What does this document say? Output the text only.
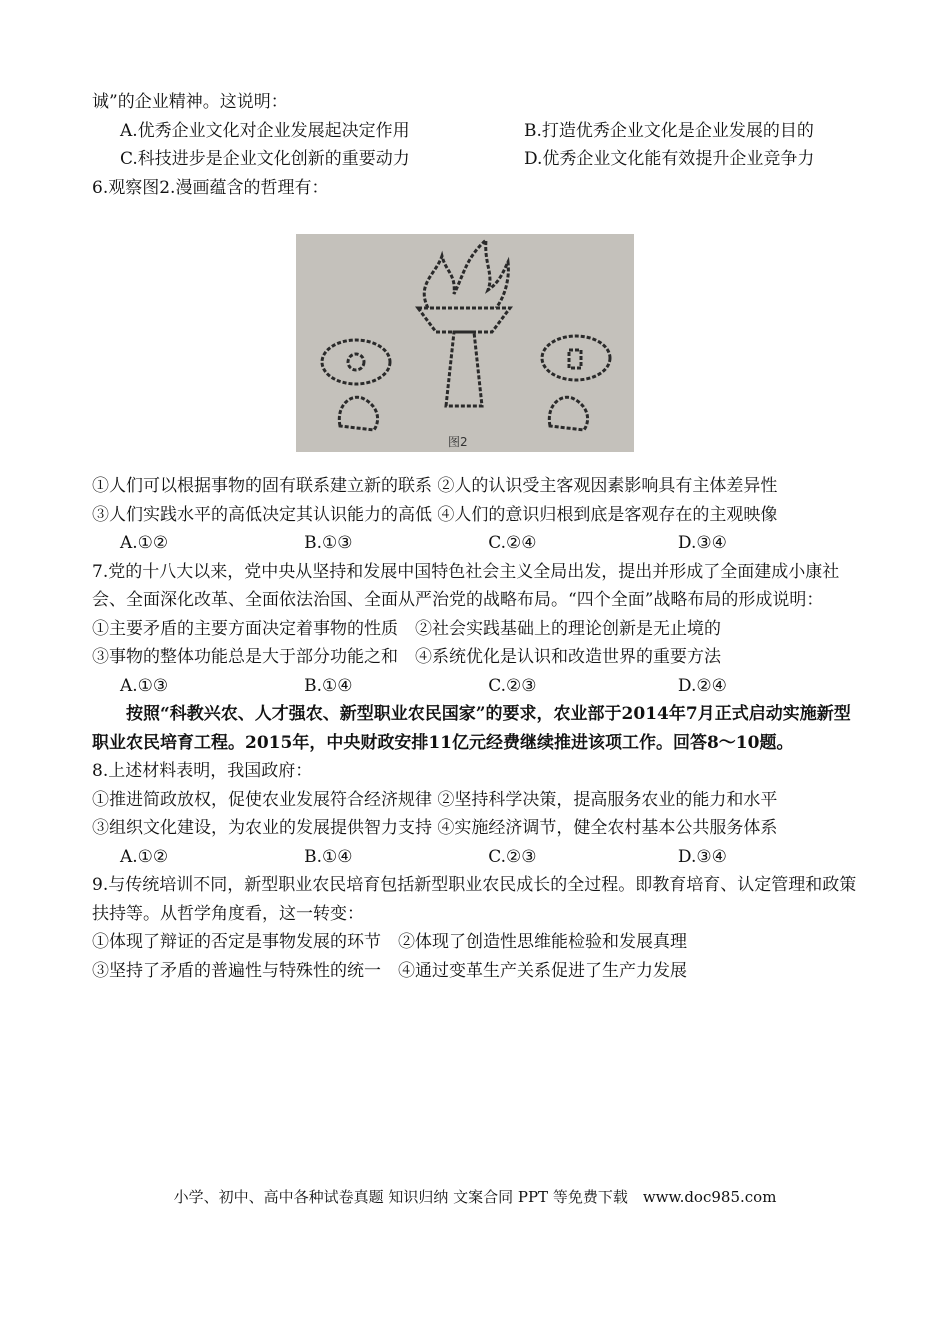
诚”的企业精神。这说明：
A.优秀企业文化对企业发展起决定作用	B.打造优秀企业文化是企业发展的目的
C.科技进步是企业文化创新的重要动力	D.优秀企业文化能有效提升企业竞争力
6.观察图2.漫画蕴含的哲理有：
图2
①人们可以根据事物的固有联系建立新的联系 ②人的认识受主客观因素影响具有主体差异性
③人们实践水平的高低决定其认识能力的高低 ④人们的意识归根到底是客观存在的主观映像
A.①②	B.①③	C.②④	D.③④
7.党的十八大以来，党中央从坚持和发展中国特色社会主义全局出发，提出并形成了全面建成小康社会、全面深化改革、全面依法治国、全面从严治党的战略布局。“四个全面”战略布局的形成说明：
①主要矛盾的主要方面决定着事物的性质　②社会实践基础上的理论创新是无止境的
③事物的整体功能总是大于部分功能之和　④系统优化是认识和改造世界的重要方法
A.①③	B.①④	C.②③	D.②④
按照“科教兴农、人才强农、新型职业农民国家”的要求，农业部于2014年7月正式启动实施新型职业农民培育工程。2015年，中央财政安排11亿元经费继续推进该项工作。回答8～10题。
8.上述材料表明，我国政府：
①推进简政放权，促使农业发展符合经济规律 ②坚持科学决策，提高服务农业的能力和水平
③组织文化建设，为农业的发展提供智力支持 ④实施经济调节，健全农村基本公共服务体系
A.①②	B.①④	C.②③	D.③④
9.与传统培训不同，新型职业农民培育包括新型职业农民成长的全过程。即教育培育、认定管理和政策扶持等。从哲学角度看，这一转变：
①体现了辩证的否定是事物发展的环节　②体现了创造性思维能检验和发展真理
③坚持了矛盾的普遍性与特殊性的统一　④通过变革生产关系促进了生产力发展
小学、初中、高中各种试卷真题 知识归纳 文案合同 PPT 等免费下载　www.doc985.com
